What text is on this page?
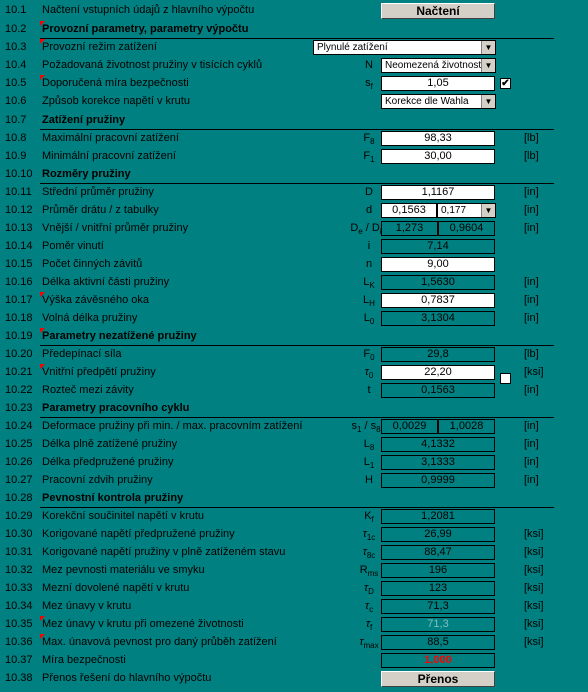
10.1	Načtení vstupních údajů z hlavního výpočtu	Načtení
10.2	Provozní parametry, parametry výpočtu
10.3	Provozní režim zatížení	Plynulé zatížení	▼
10.4	Požadovaná životnost pružiny v tisících cyklů	N	Neomezená životnost ▼
10.5	Doporučená míra bezpečnosti	$s_f$	1,05	✔
10.6	Způsob korekce napětí v krutu	Korekce dle Wahla	▼
10.7	Zatížení pružiny
10.8	Maximální pracovní zatížení	$F_8$	98,33	[lb]
10.9	Minimální pracovní zatížení	$F_1$	30,00	[lb]
10.10 Rozměry pružiny
10.11 Střední průměr pružiny	D	1,1167	[in]
10.12 Průměr drátu / z tabulky	d	0,1563	0,177	▼	[in]
10.13 Vnější / vnitřní průměr pružiny	$D_e$ / D	1,273	0,9604	[in]
10.14 Poměr vinutí	i	7,14
10.15 Počet činných závitů	n	9,00
10.16 Délka aktivní části pružiny	$L_K$	1,5630	[in]
10.17 Výška závěsného oka	$L_H$	0,7837	[in]
10.18 Volná délka pružiny	$L_0$	3,1304	[in]
10.19 Parametry nezatížené pružiny
10.20 Předepínací síla	$F_0$	29,8	[lb]
10.21 Vnitřní předpětí pružiny	$\tau_0$	22,20	[ksi]
10.22 Rozteč mezi závity	t	0,1563	[in]
10.23 Parametry pracovního cyklu
10.24 Deformace pružiny při min. / max. pracovním zatížení	$s_1 / s_8$	0,0029	1,0028	[in]
10.25 Délka plně zatížené pružiny	$L_8$	4,1332	[in]
10.26 Délka předpružené pružiny	$L_1$	3,1333	[in]
10.27 Pracovní zdvih pružiny	H	0,9999	[in]
10.28 Pevnostní kontrola pružiny
10.29 Korekční součinitel napětí v krutu	$K_f$	1,2081
10.30 Korigované napětí předpružené pružiny	$\tau_{1c}$	26,99	[ksi]
10.31 Korigované napětí pružiny v plně zatíženém stavu	$\tau_{8c}$	88,47	[ksi]
10.32 Mez pevnosti materiálu ve smyku	$R_{ms}$	196	[ksi]
10.33 Mezní dovolené napětí v krutu	$\tau_D$	123	[ksi]
10.34 Mez únavy v krutu	$\tau_c$	71,3	[ksi]
10.35 Mez únavy v krutu při omezené životnosti	$\tau_f$	71,3	[ksi]
10.36 Max. únavová pevnost pro daný průběh zatížení	$\tau_{max}$	88,5	[ksi]
10.37 Míra bezpečnosti	1,000
10.38 Přenos řešení do hlavního výpočtu	Přenos
